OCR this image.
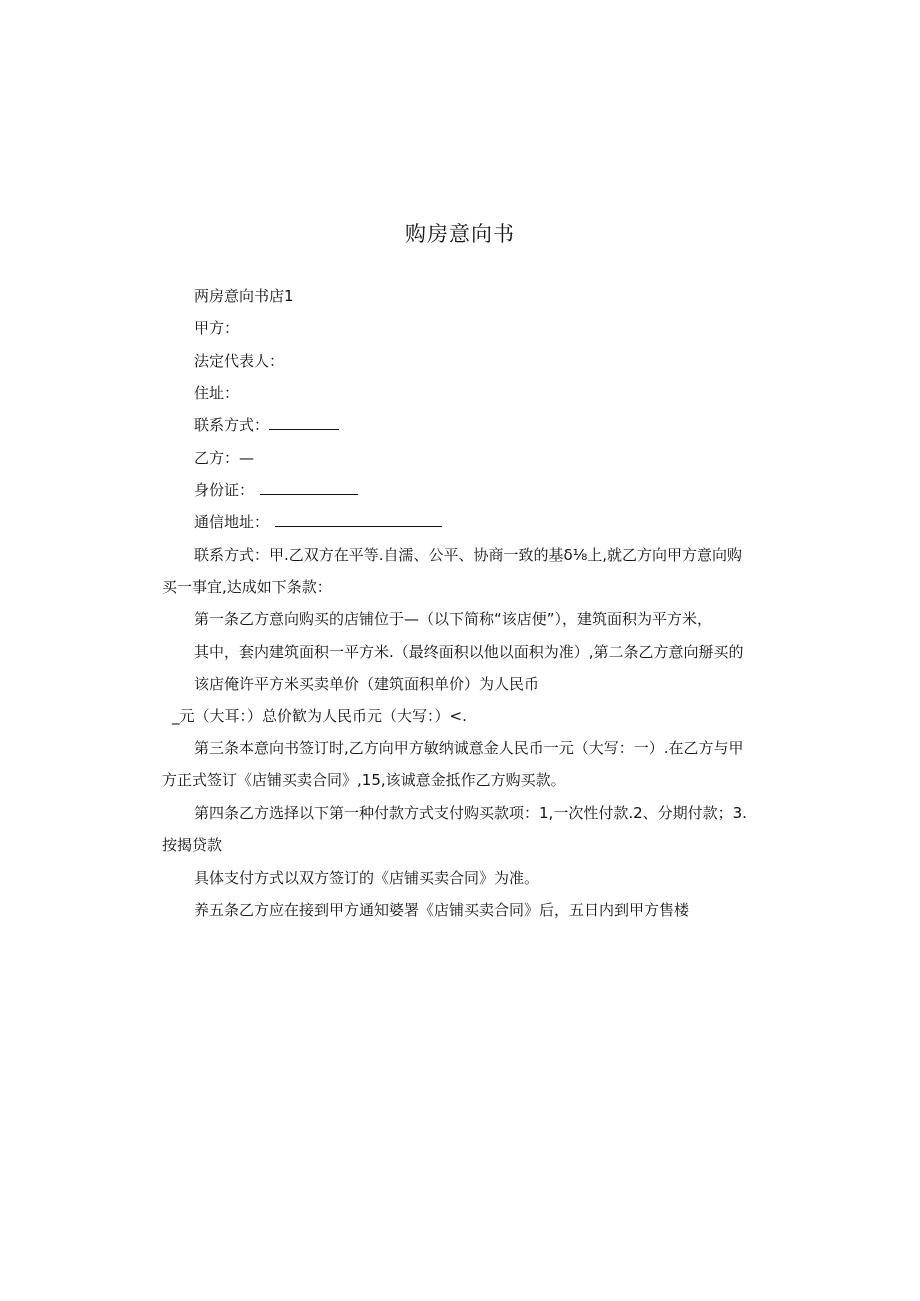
购房意向书
两房意向书店1
甲方：
法定代表人：
住址：
联系方式：
乙方：—
身份证：
通信地址：
联系方式：甲.乙双方在平等.自濡、公平、协商一致的基δ⅛上,就乙方向甲方意向购
买一事宜,达成如下条款：
第一条乙方意向购买的店铺位于—（以下简称“该店便”），建筑面积为平方米，
其中，套内建筑面积一平方米.（最终面积以他以面积为准）,第二条乙方意向掰买的
该店俺许平方米买卖单价（建筑面积单价）为人民币
_元（大耳：）总价歓为人民币元（大写：）<.
第三条本意向书签订时,乙方向甲方敏纳诚意金人民币一元（大写：一）.在乙方与甲
方正式签订《店铺买卖合同》,15,该诚意金抵作乙方购买款。
第四条乙方选择以下第一种付款方式支付购买款项：1,一次性付款.2、分期付款；3.
按揭贷款
具体支付方式以双方签订的《店铺买卖合同》为准。
养五条乙方应在接到甲方通知婆署《店铺买卖合同》后，五日内到甲方售楼
